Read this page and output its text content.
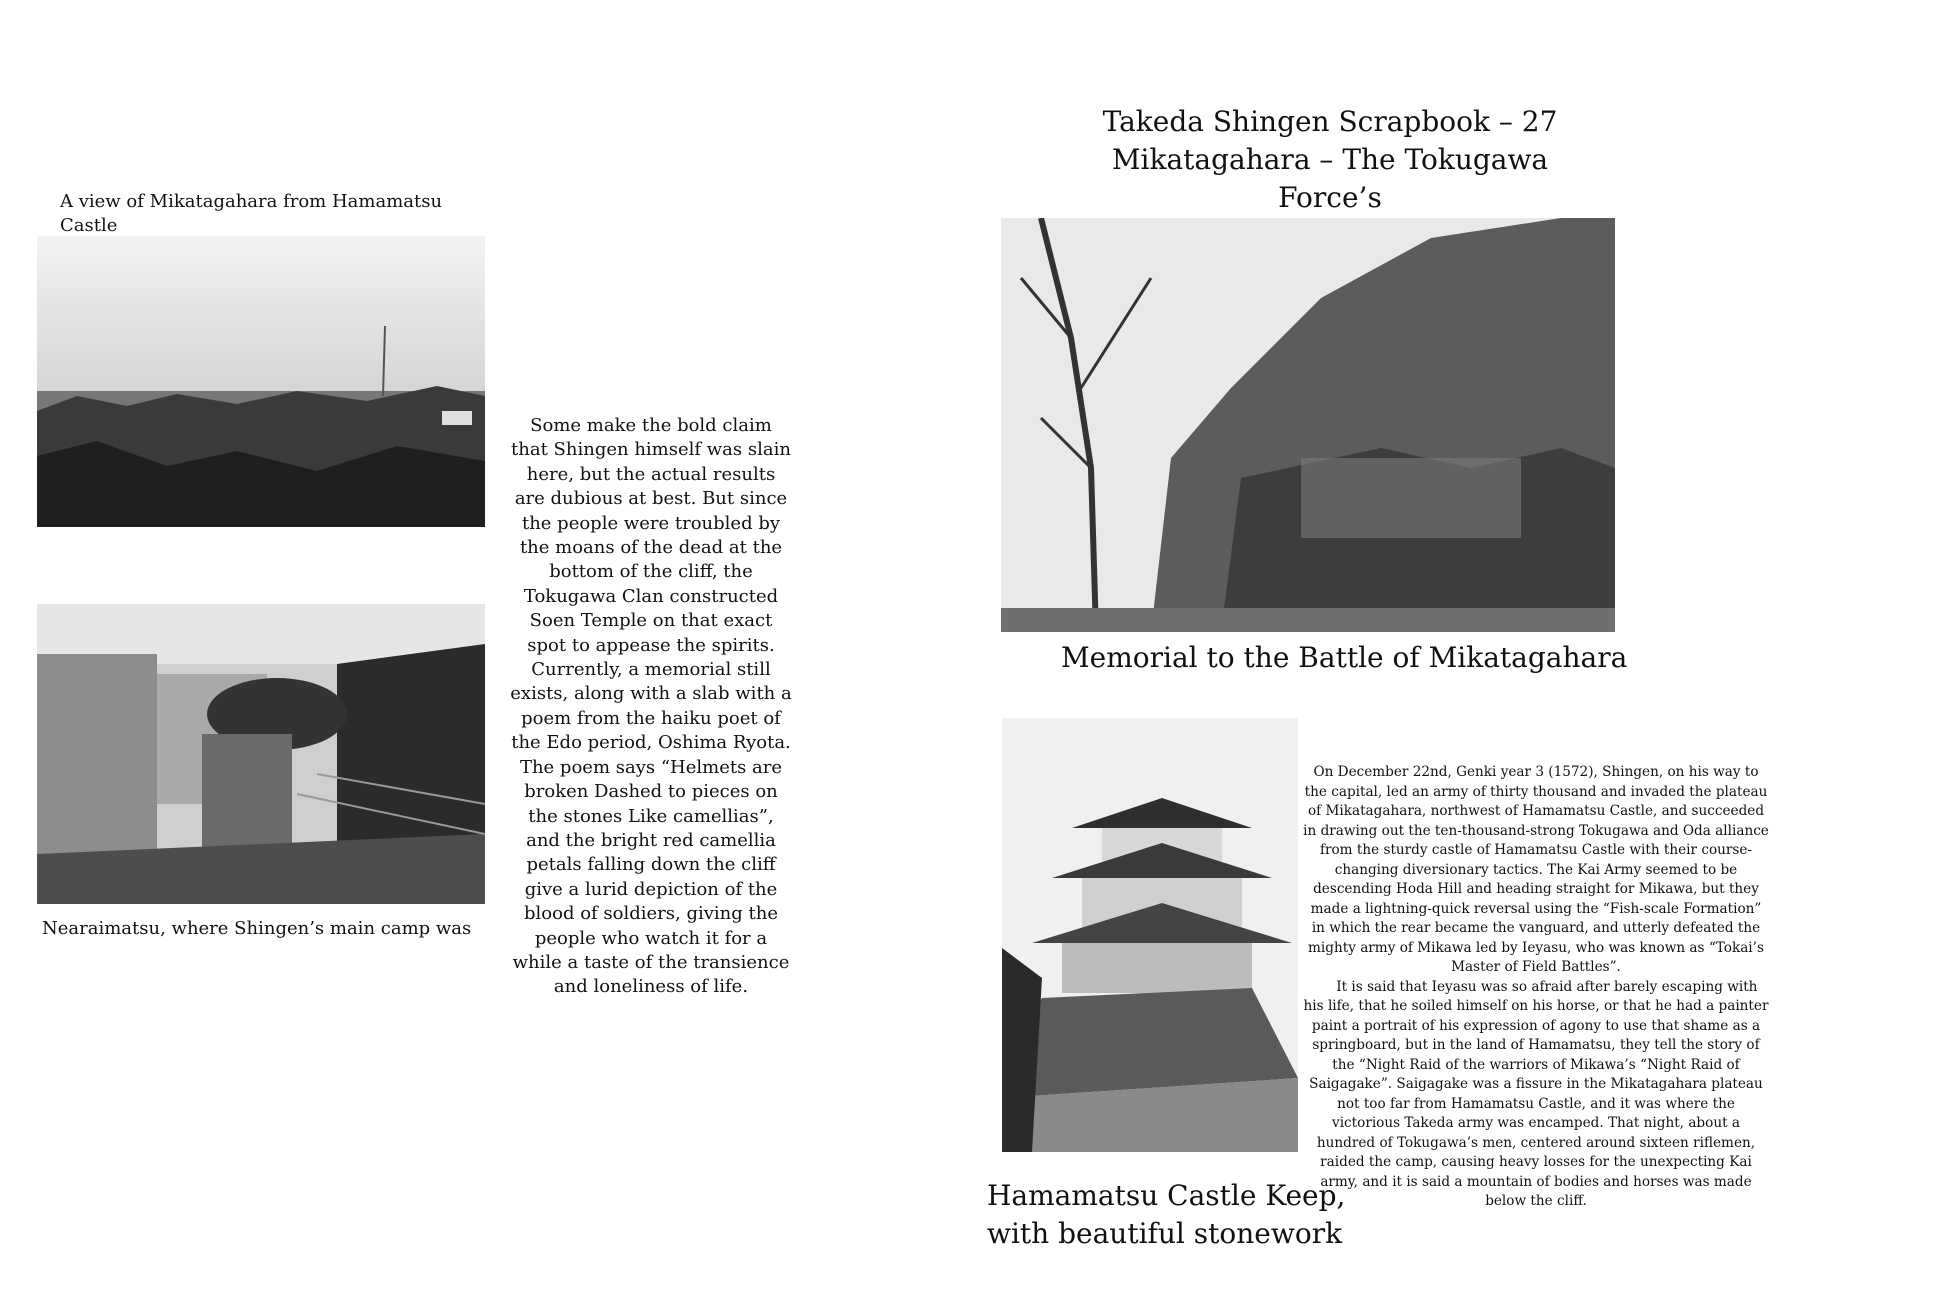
A view of Mikatagahara from Hamamatsu Castle
Nearaimatsu, where Shingen’s main camp was
Some make the bold claim that Shingen himself was slain here, but the actual results are dubious at best. But since the people were troubled by the moans of the dead at the bottom of the cliff, the Tokugawa Clan constructed Soen Temple on that exact spot to appease the spirits. Currently, a memorial still exists, along with a slab with a poem from the haiku poet of the Edo period, Oshima Ryota. The poem says “Helmets are broken Dashed to pieces on the stones Like camellias”, and the bright red camellia petals falling down the cliff give a lurid depiction of the blood of soldiers, giving the people who watch it for a while a taste of the transience and loneliness of life.
Takeda Shingen Scrapbook – 27
Mikatagahara – The Tokugawa Force’s
Memorial to the Battle of Mikatagahara
Hamamatsu Castle Keep,
with beautiful stonework

On December 22nd, Genki year 3 (1572), Shingen, on his way to the capital, led an army of thirty thousand and invaded the plateau of Mikatagahara, northwest of Hamamatsu Castle, and succeeded in drawing out the ten-thousand-strong Tokugawa and Oda alliance from the sturdy castle of Hamamatsu Castle with their course-changing diversionary tactics. The Kai Army seemed to be descending Hoda Hill and heading straight for Mikawa, but they made a lightning-quick reversal using the “Fish-scale Formation” in which the rear became the vanguard, and utterly defeated the mighty army of Mikawa led by Ieyasu, who was known as “Tokai’s Master of Field Battles”.

It is said that Ieyasu was so afraid after barely escaping with his life, that he soiled himself on his horse, or that he had a painter paint a portrait of his expression of agony to use that shame as a springboard, but in the land of Hamamatsu, they tell the story of the “Night Raid of the warriors of Mikawa’s “Night Raid of Saigagake”. Saigagake was a fissure in the Mikatagahara plateau not too far from Hamamatsu Castle, and it was where the victorious Takeda army was encamped. That night, about a hundred of Tokugawa’s men, centered around sixteen riflemen, raided the camp, causing heavy losses for the unexpecting Kai army, and it is said a mountain of bodies and horses was made below the cliff.
